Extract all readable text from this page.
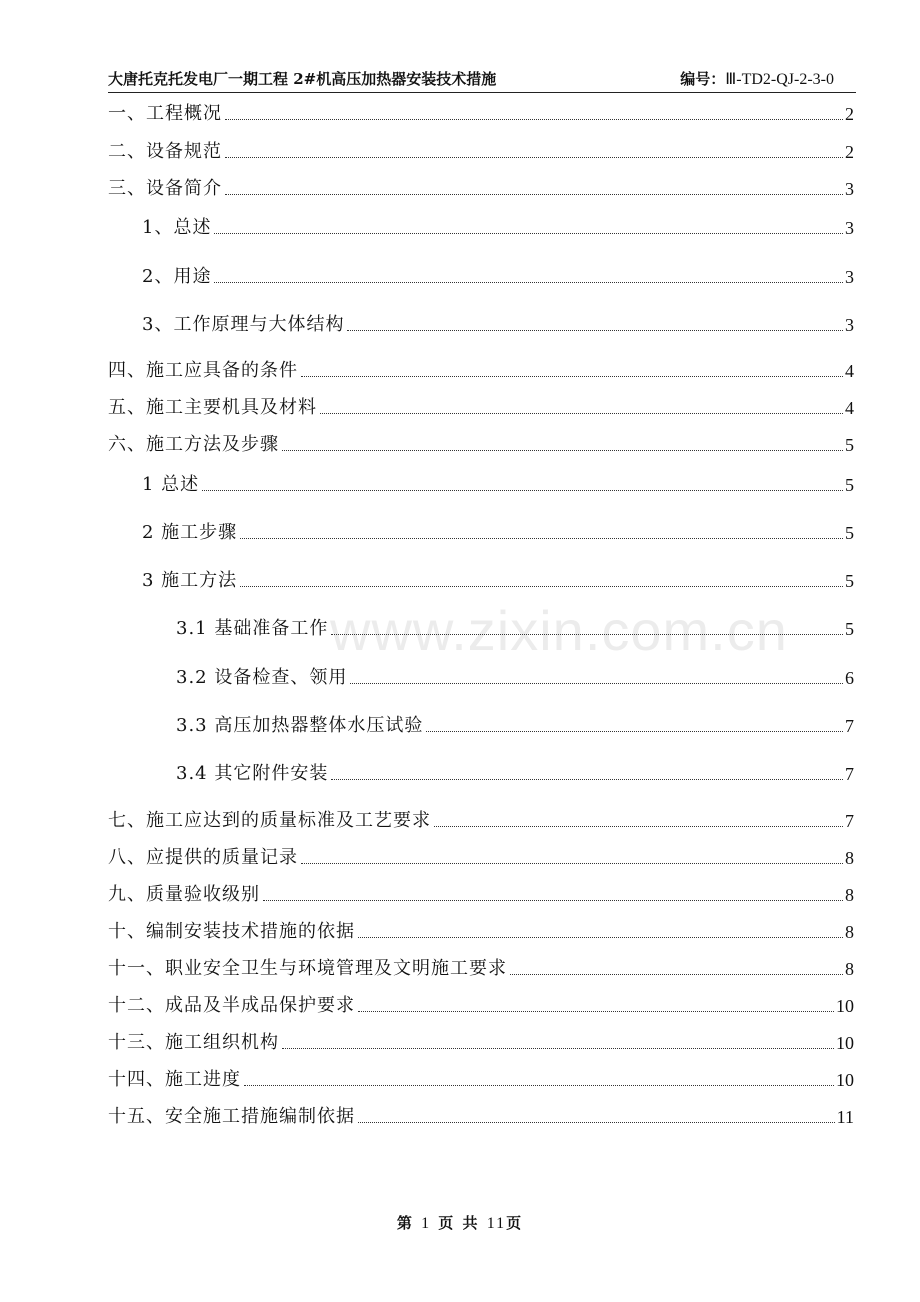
大唐托克托发电厂一期工程 2#机高压加热器安装技术措施	编号：Ⅲ-TD2-QJ-2-3-0
www.zixin.com.cn
一、工程概况	2
二、设备规范	2
三、设备简介	3
1、总述	3
2、用途	3
3、工作原理与大体结构	3
四、施工应具备的条件	4
五、施工主要机具及材料	4
六、施工方法及步骤	5
1 总述	5
2 施工步骤	5
3 施工方法	5
3.1 基础准备工作	5
3.2 设备检查、领用	6
3.3 高压加热器整体水压试验	7
3.4 其它附件安装	7
七、施工应达到的质量标准及工艺要求	7
八、应提供的质量记录	8
九、质量验收级别	8
十、编制安装技术措施的依据	8
十一、职业安全卫生与环境管理及文明施工要求	8
十二、成品及半成品保护要求	10
十三、施工组织机构	10
十四、施工进度	10
十五、安全施工措施编制依据	11
第 1 页 共 11页
